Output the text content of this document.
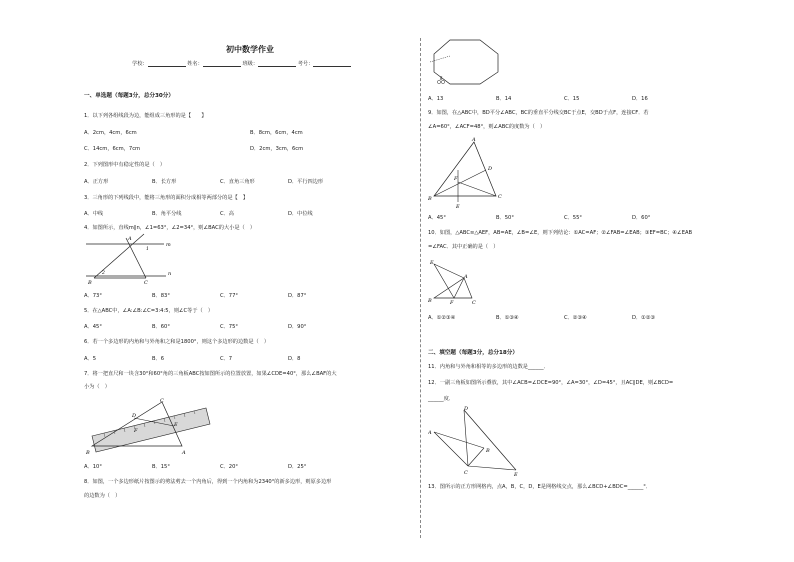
初中数学作业
学校：	姓名：	班级：	考号：
一、单选题（每题3分，总分30分）
1．以下列各组线段为边，能组成三角形的是【　　】
A．2cm，4cm，6cm	B．8cm，6cm，4cm
C．14cm，6cm，7cm	D．2cm，3cm，6cm
2．下列图形中有稳定性的是（　）
A．正方形	B．长方形	C．直角三角形	D．平行四边形
3．三角形的下列线段中，能将三角形的面积分成相等两部分的是【　】
A．中线	B．角平分线	C．高	D．中位线
4．如图所示，直线m∥n，∠1=63°，∠2=34°，则∠BAC的大小是（　）
A
B	C
m
n
1
2
A．73°	B．83°	C．77°	D．87°
5．在△ABC中，∠A:∠B:∠C=3:4:5，则∠C等于（　）
A．45°	B．60°	C．75°	D．90°
6．若一个多边形的内角和与外角和之和是1800°，则这个多边形的边数是（　）
A．5	B．6	C．7	D．8
7．将一把直尺和一块含30°和60°角的三角板ABC按如图所示的位置放置，如果∠CDE=40°，那么∠BAF的大
小为（　）
B
C
D
E
F
A
A．10°	B．15°	C．20°	D．25°
8．如图，一个多边形纸片按图示的剪法剪去一个内角后，得到一个内角和为2340°的新多边形，则原多边形
的边数为（　）
A．13	B．14	C．15	D．16
9．如图，在△ABC中，BD平分∠ABC，BC的垂直平分线交BC于点E，交BD于点F，连接CF．若
∠A=60°，∠ACF=48°，则∠ABC的度数为（　）
A
B	C
D
E
F
A．45°	B．50°	C．55°	D．60°
10．如图，△ABC≌△AEF，AB=AE，∠B=∠E，则下列结论：①AC=AF；②∠FAB=∠EAB；③EF=BC；④∠EAB
=∠FAC．其中正确的是（　）
E
A
B	F	C
A．①②③④	B．①③④	C．②③④	D．①②③
二、填空题（每题3分，总分18分）
11．内角和与外角和相等的多边形的边数是______．
12．一副三角板如图所示叠放，其中∠ACB=∠DCE=90°，∠A=30°，∠D=45°，且AC∥DE，则∠BCD=
______度．
D
A
B
C	E
13．图所示的正方形网格内，点A，B，C，D，E是网格线交点，那么∠BCD+∠BDC=______°．
